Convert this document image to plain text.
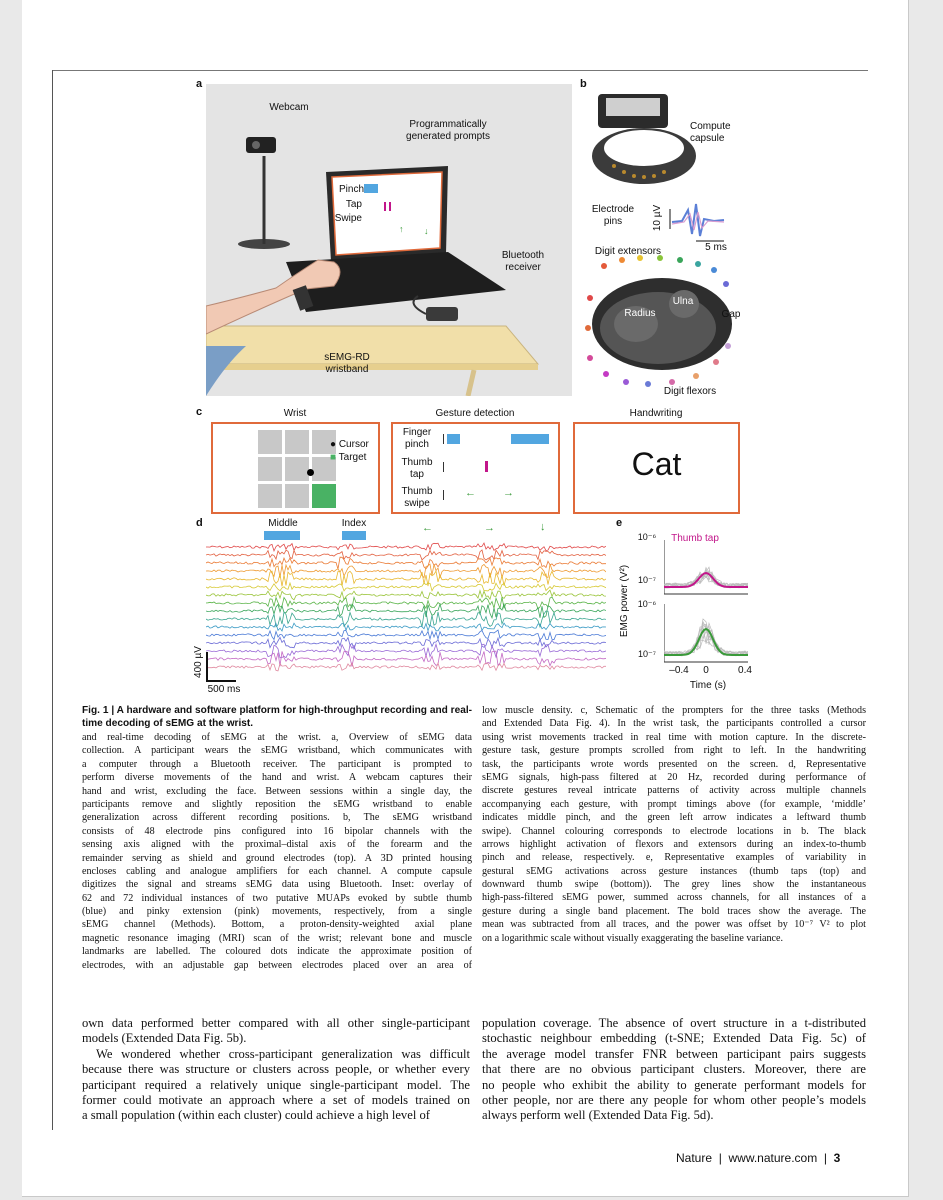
a
↑ ↓
Webcam
Programmatically
generated prompts
Pinch
Tap
Swipe
Bluetooth
receiver
sEMG-RD
wristband
b
Compute
capsule
Electrode
pins	10 µV
5 ms
Digit extensors
Ulna
Radius	Gap
Digit flexors
c	Wrist	Gesture detection	Handwriting
● Cursor
■ Target
Finger
pinch
Thumb
tap
Thumb
swipe
← →
Cat
d	Middle	Index	←	→	↓
400 µV
500 ms
e
Thumb tap
10⁻⁶
10⁻⁷
10⁻⁶
10⁻⁷
EMG power (V²)
–0.4	0	0.4
Time (s)
Fig. 1 | A hardware and software platform for high-throughput recording and real-time decoding of sEMG at the wrist.
and real-time decoding of sEMG at the wrist. a, Overview of sEMG data
collection. A participant wears the sEMG wristband, which communicates with
a computer through a Bluetooth receiver. The participant is prompted to
perform diverse movements of the hand and wrist. A webcam captures their
hand and wrist, excluding the face. Between sessions within a single day, the
participants remove and slightly reposition the sEMG wristband to enable
generalization across different recording positions. b, The sEMG wristband
consists of 48 electrode pins configured into 16 bipolar channels with the
sensing axis aligned with the proximal–distal axis of the forearm and the
remainder serving as shield and ground electrodes (top). A 3D printed housing
encloses cabling and analogue amplifiers for each channel. A compute capsule
digitizes the signal and streams sEMG data using Bluetooth. Inset: overlay of
62 and 72 individual instances of two putative MUAPs evoked by subtle thumb
(blue) and pinky extension (pink) movements, respectively, from a single
sEMG channel (Methods). Bottom, a proton-density-weighted axial plane
magnetic resonance imaging (MRI) scan of the wrist; relevant bone and muscle
landmarks are labelled. The coloured dots indicate the approximate position of
electrodes, with an adjustable gap between electrodes placed over an area of
low muscle density. c, Schematic of the prompters for the three tasks (Methods
and Extended Data Fig. 4). In the wrist task, the participants controlled a cursor
using wrist movements tracked in real time with motion capture. In the discrete-
gesture task, gesture prompts scrolled from right to left. In the handwriting
task, the participants wrote words presented on the screen. d, Representative
sEMG signals, high-pass filtered at 20 Hz, recorded during performance of
discrete gestures reveal intricate patterns of activity across multiple channels
accompanying each gesture, with prompt timings above (for example, ‘middle’
indicates middle pinch, and the green left arrow indicates a leftward thumb
swipe). Channel colouring corresponds to electrode locations in b. The black
arrows highlight activation of flexors and extensors during an index-to-thumb
pinch and release, respectively. e, Representative examples of variability in
gestural sEMG activations across gesture instances (thumb taps (top) and
downward thumb swipe (bottom)). The grey lines show the instantaneous
high-pass-filtered sEMG power, summed across channels, for all instances of a
gesture during a single band placement. The bold traces show the average. The
mean was subtracted from all traces, and the power was offset by 10⁻⁷ V² to plot
on a logarithmic scale without visually exaggerating the baseline variance.
own data performed better compared with all other single-participant
models (Extended Data Fig. 5b).
We wondered whether cross-participant generalization was difficult
because there was structure or clusters across people, or whether every
participant required a relatively unique single-participant model. The
former could motivate an approach where a set of models trained on
a small population (within each cluster) could achieve a high level of
population coverage. The absence of overt structure in a t-distributed
stochastic neighbour embedding (t-SNE; Extended Data Fig. 5c) of
the average model transfer FNR between participant pairs suggests
that there are no obvious participant clusters. Moreover, there are
no people who exhibit the ability to generate performant models for
other people, nor are there any people for whom other people’s models
always perform well (Extended Data Fig. 5d).
Nature | www.nature.com | 3
